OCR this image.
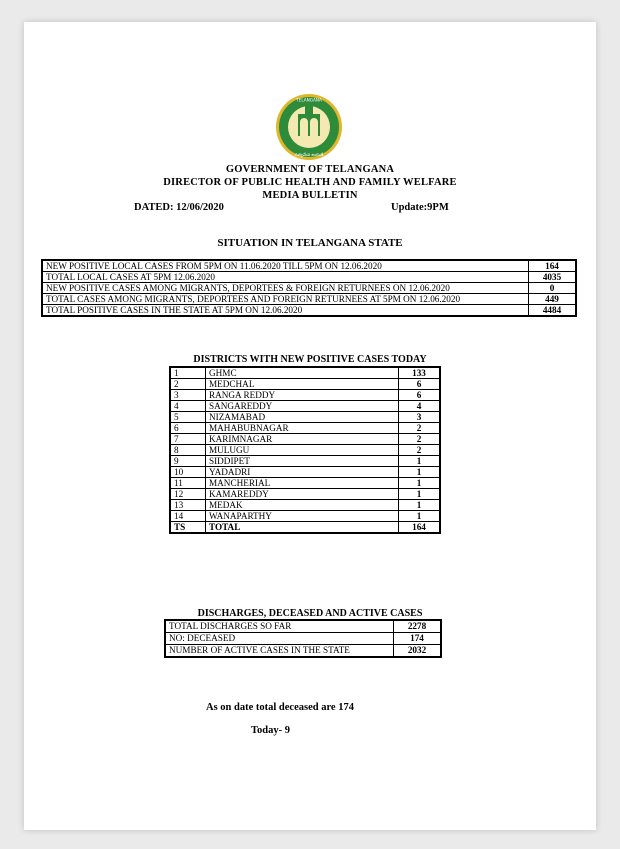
TELANGANA
సత్యమేవ జయతే
GOVERNMENT OF TELANGANA
DIRECTOR OF PUBLIC HEALTH AND FAMILY WELFARE
MEDIA BULLETIN
DATED: 12/06/2020	Update:9PM
SITUATION IN TELANGANA STATE
NEW POSITIVE LOCAL CASES FROM 5PM ON 11.06.2020 TILL 5PM ON 12.06.2020	164
TOTAL LOCAL CASES AT 5PM 12.06.2020	4035
NEW POSITIVE CASES AMONG MIGRANTS, DEPORTEES & FOREIGN RETURNEES ON 12.06.2020	0
TOTAL CASES AMONG MIGRANTS, DEPORTEES AND FOREIGN RETURNEES AT 5PM ON 12.06.2020	449
TOTAL POSITIVE CASES IN THE STATE AT 5PM ON 12.06.2020	4484
DISTRICTS WITH NEW POSITIVE CASES TODAY
1	GHMC	133
2	MEDCHAL	6
3	RANGA REDDY	6
4	SANGAREDDY	4
5	NIZAMABAD	3
6	MAHABUBNAGAR	2
7	KARIMNAGAR	2
8	MULUGU	2
9	SIDDIPET	1
10	YADADRI	1
11	MANCHERIAL	1
12	KAMAREDDY	1
13	MEDAK	1
14	WANAPARTHY	1
TS	TOTAL	164
DISCHARGES, DECEASED AND ACTIVE CASES
TOTAL DISCHARGES SO FAR	2278
NO: DECEASED	174
NUMBER OF ACTIVE CASES IN THE STATE	2032
As on date total deceased are 174
Today- 9
